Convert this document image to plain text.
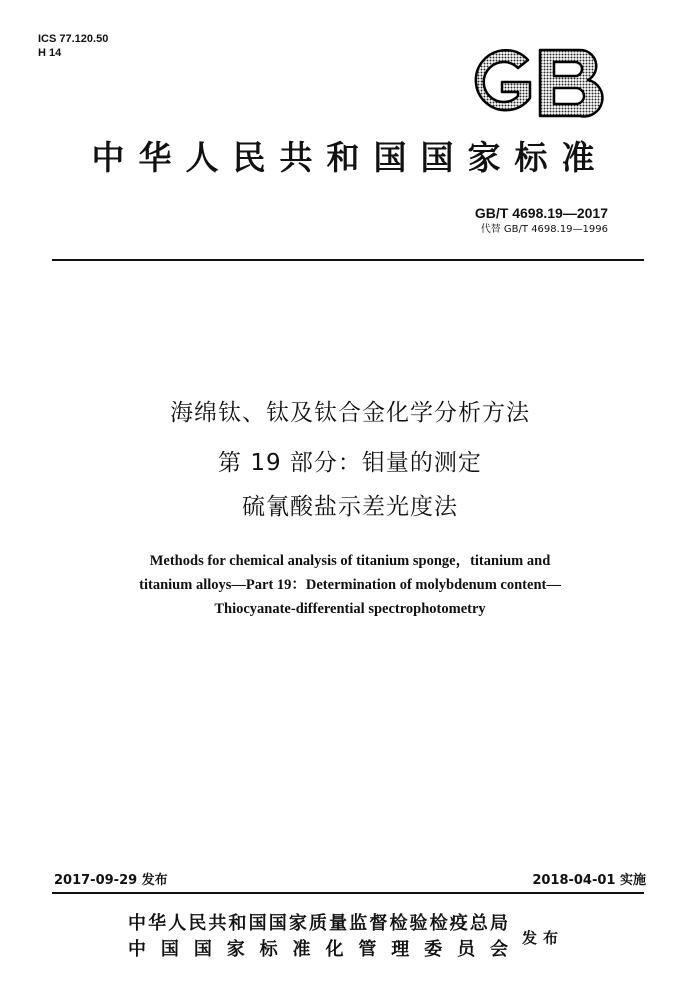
ICS 77.120.50
H 14
GB
中华人民共和国国家标准
GB/T 4698.19—2017
代替 GB/T 4698.19—1996
海绵钛、钛及钛合金化学分析方法
第 19 部分：钼量的测定
硫氰酸盐示差光度法
Methods for chemical analysis of titanium sponge，titanium and
titanium alloys—Part 19：Determination of molybdenum content—
Thiocyanate-differential spectrophotometry
2017-09-29 发布	2018-04-01 实施
中华人民共和国国家质量监督检验检疫总局
中国国家标准化管理委员会
发布
